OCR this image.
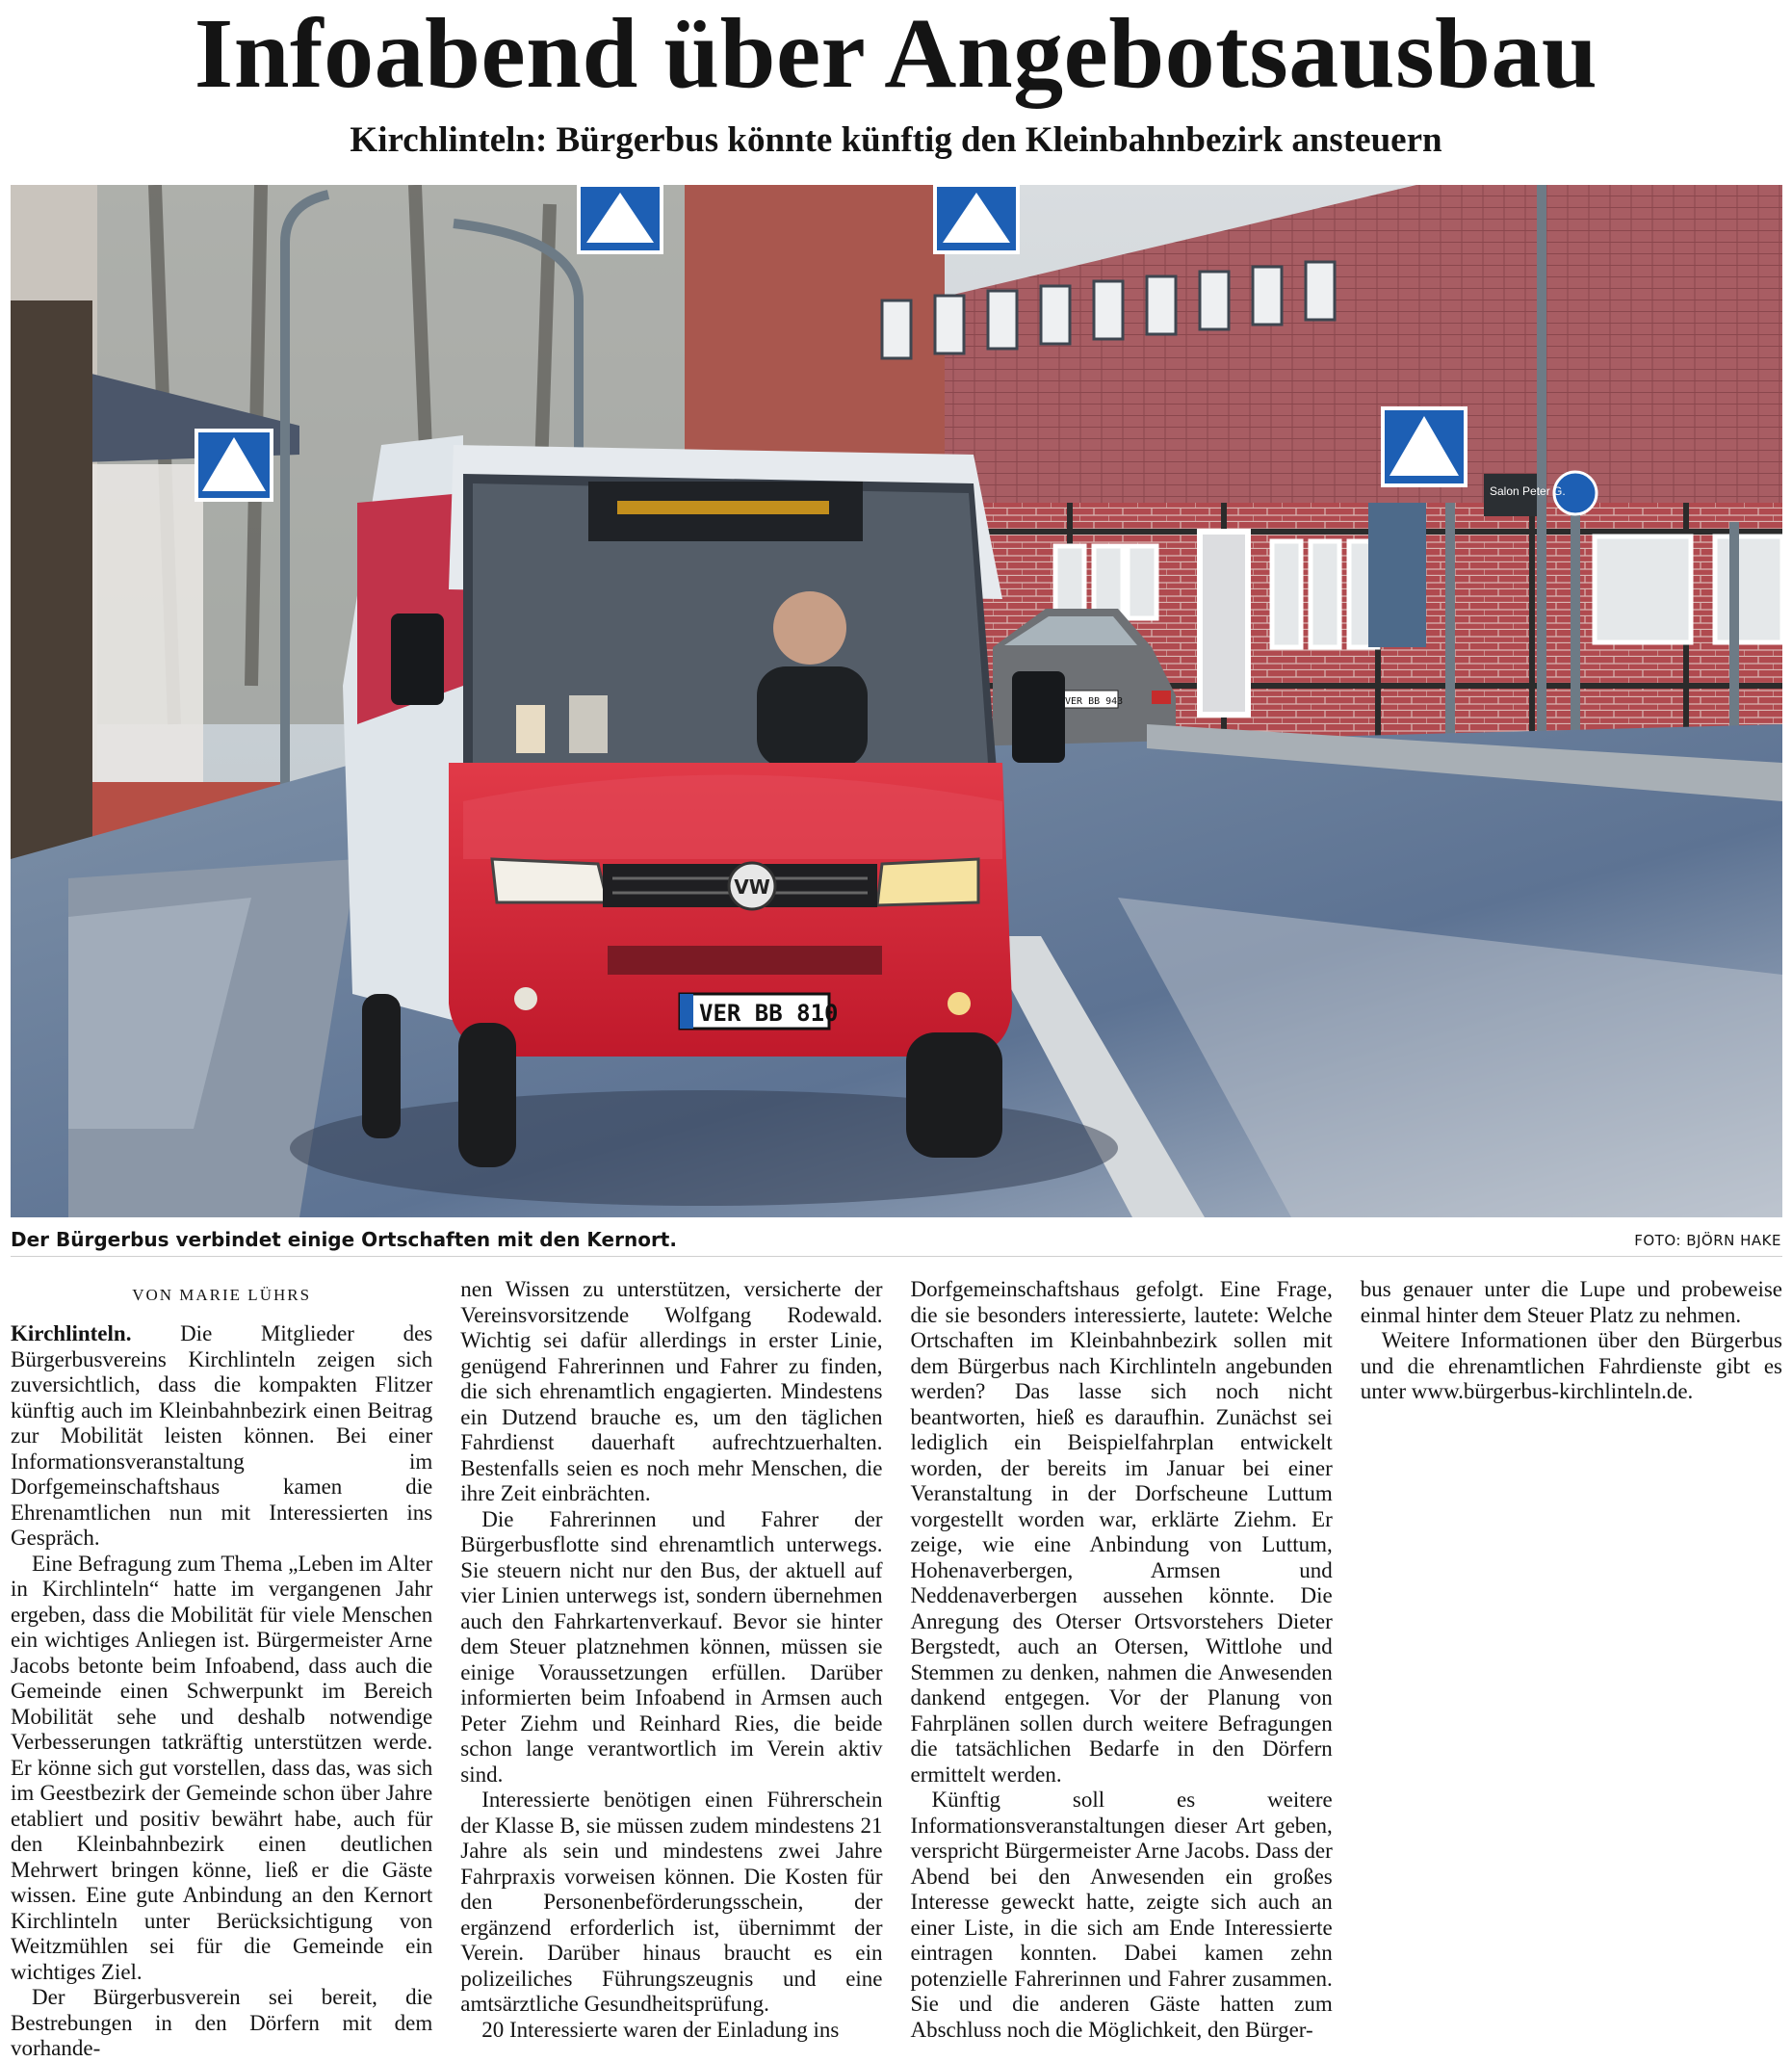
Infoabend über Angebotsausbau
Kirchlinteln: Bürgerbus könnte künftig den Kleinbahnbezirk ansteuern
Salon Peter G.
VER BB 943
VW
VER BB 810
Der Bürgerbus verbindet einige Ortschaften mit den Kernort.	FOTO: BJÖRN HAKE
VON MARIE LÜHRS

Kirchlinteln. Die Mitglieder des Bürgerbusvereins Kirchlinteln zeigen sich zuversichtlich, dass die kompakten Flitzer künftig auch im Kleinbahnbezirk einen Beitrag zur Mobilität leisten können. Bei einer Informationsveranstaltung im Dorfgemeinschaftshaus kamen die Ehrenamtlichen nun mit Interessierten ins Gespräch.

Eine Befragung zum Thema „Leben im Alter in Kirchlinteln“ hatte im vergangenen Jahr ergeben, dass die Mobilität für viele Menschen ein wichtiges Anliegen ist. Bürgermeister Arne Jacobs betonte beim Infoabend, dass auch die Gemeinde einen Schwerpunkt im Bereich Mobilität sehe und deshalb notwendige Verbesserungen tatkräftig unterstützen werde. Er könne sich gut vorstellen, dass das, was sich im Geestbezirk der Gemeinde schon über Jahre etabliert und positiv bewährt habe, auch für den Kleinbahnbezirk einen deutlichen Mehrwert bringen könne, ließ er die Gäste wissen. Eine gute Anbindung an den Kernort Kirchlinteln unter Berücksichtigung von Weitzmühlen sei für die Gemeinde ein wichtiges Ziel.

Der Bürgerbusverein sei bereit, die Bestrebungen in den Dörfern mit dem vorhande-

nen Wissen zu unterstützen, versicherte der Vereinsvorsitzende Wolfgang Rodewald. Wichtig sei dafür allerdings in erster Linie, genügend Fahrerinnen und Fahrer zu finden, die sich ehrenamtlich engagierten. Mindestens ein Dutzend brauche es, um den täglichen Fahrdienst dauerhaft aufrechtzuerhalten. Bestenfalls seien es noch mehr Menschen, die ihre Zeit einbrächten.

Die Fahrerinnen und Fahrer der Bürgerbusflotte sind ehrenamtlich unterwegs. Sie steuern nicht nur den Bus, der aktuell auf vier Linien unterwegs ist, sondern übernehmen auch den Fahrkartenverkauf. Bevor sie hinter dem Steuer platznehmen können, müssen sie einige Voraussetzungen erfüllen. Darüber informierten beim Infoabend in Armsen auch Peter Ziehm und Reinhard Ries, die beide schon lange verantwortlich im Verein aktiv sind.

Interessierte benötigen einen Führerschein der Klasse B, sie müssen zudem mindestens 21 Jahre als sein und mindestens zwei Jahre Fahrpraxis vorweisen können. Die Kosten für den Personenbeförderungsschein, der ergänzend erforderlich ist, übernimmt der Verein. Darüber hinaus braucht es ein polizeiliches Führungszeugnis und eine amtsärztliche Gesundheitsprüfung.

20 Interessierte waren der Einladung ins

Dorfgemeinschaftshaus gefolgt. Eine Frage, die sie besonders interessierte, lautete: Welche Ortschaften im Kleinbahnbezirk sollen mit dem Bürgerbus nach Kirchlinteln angebunden werden? Das lasse sich noch nicht beantworten, hieß es daraufhin. Zunächst sei lediglich ein Beispielfahrplan entwickelt worden, der bereits im Januar bei einer Veranstaltung in der Dorfscheune Luttum vorgestellt worden war, erklärte Ziehm. Er zeige, wie eine Anbindung von Luttum, Hohenaverbergen, Armsen und Neddenaverbergen aussehen könnte. Die Anregung des Oterser Ortsvorstehers Dieter Bergstedt, auch an Otersen, Wittlohe und Stemmen zu denken, nahmen die Anwesenden dankend entgegen. Vor der Planung von Fahrplänen sollen durch weitere Befragungen die tatsächlichen Bedarfe in den Dörfern ermittelt werden.

Künftig soll es weitere Informationsveranstaltungen dieser Art geben, verspricht Bürgermeister Arne Jacobs. Dass der Abend bei den Anwesenden ein großes Interesse geweckt hatte, zeigte sich auch an einer Liste, in die sich am Ende Interessierte eintragen konnten. Dabei kamen zehn potenzielle Fahrerinnen und Fahrer zusammen. Sie und die anderen Gäste hatten zum Abschluss noch die Möglichkeit, den Bürger-

bus genauer unter die Lupe und probeweise einmal hinter dem Steuer Platz zu nehmen.

Weitere Informationen über den Bürgerbus und die ehrenamtlichen Fahrdienste gibt es unter www.bürgerbus-kirchlinteln.de.
